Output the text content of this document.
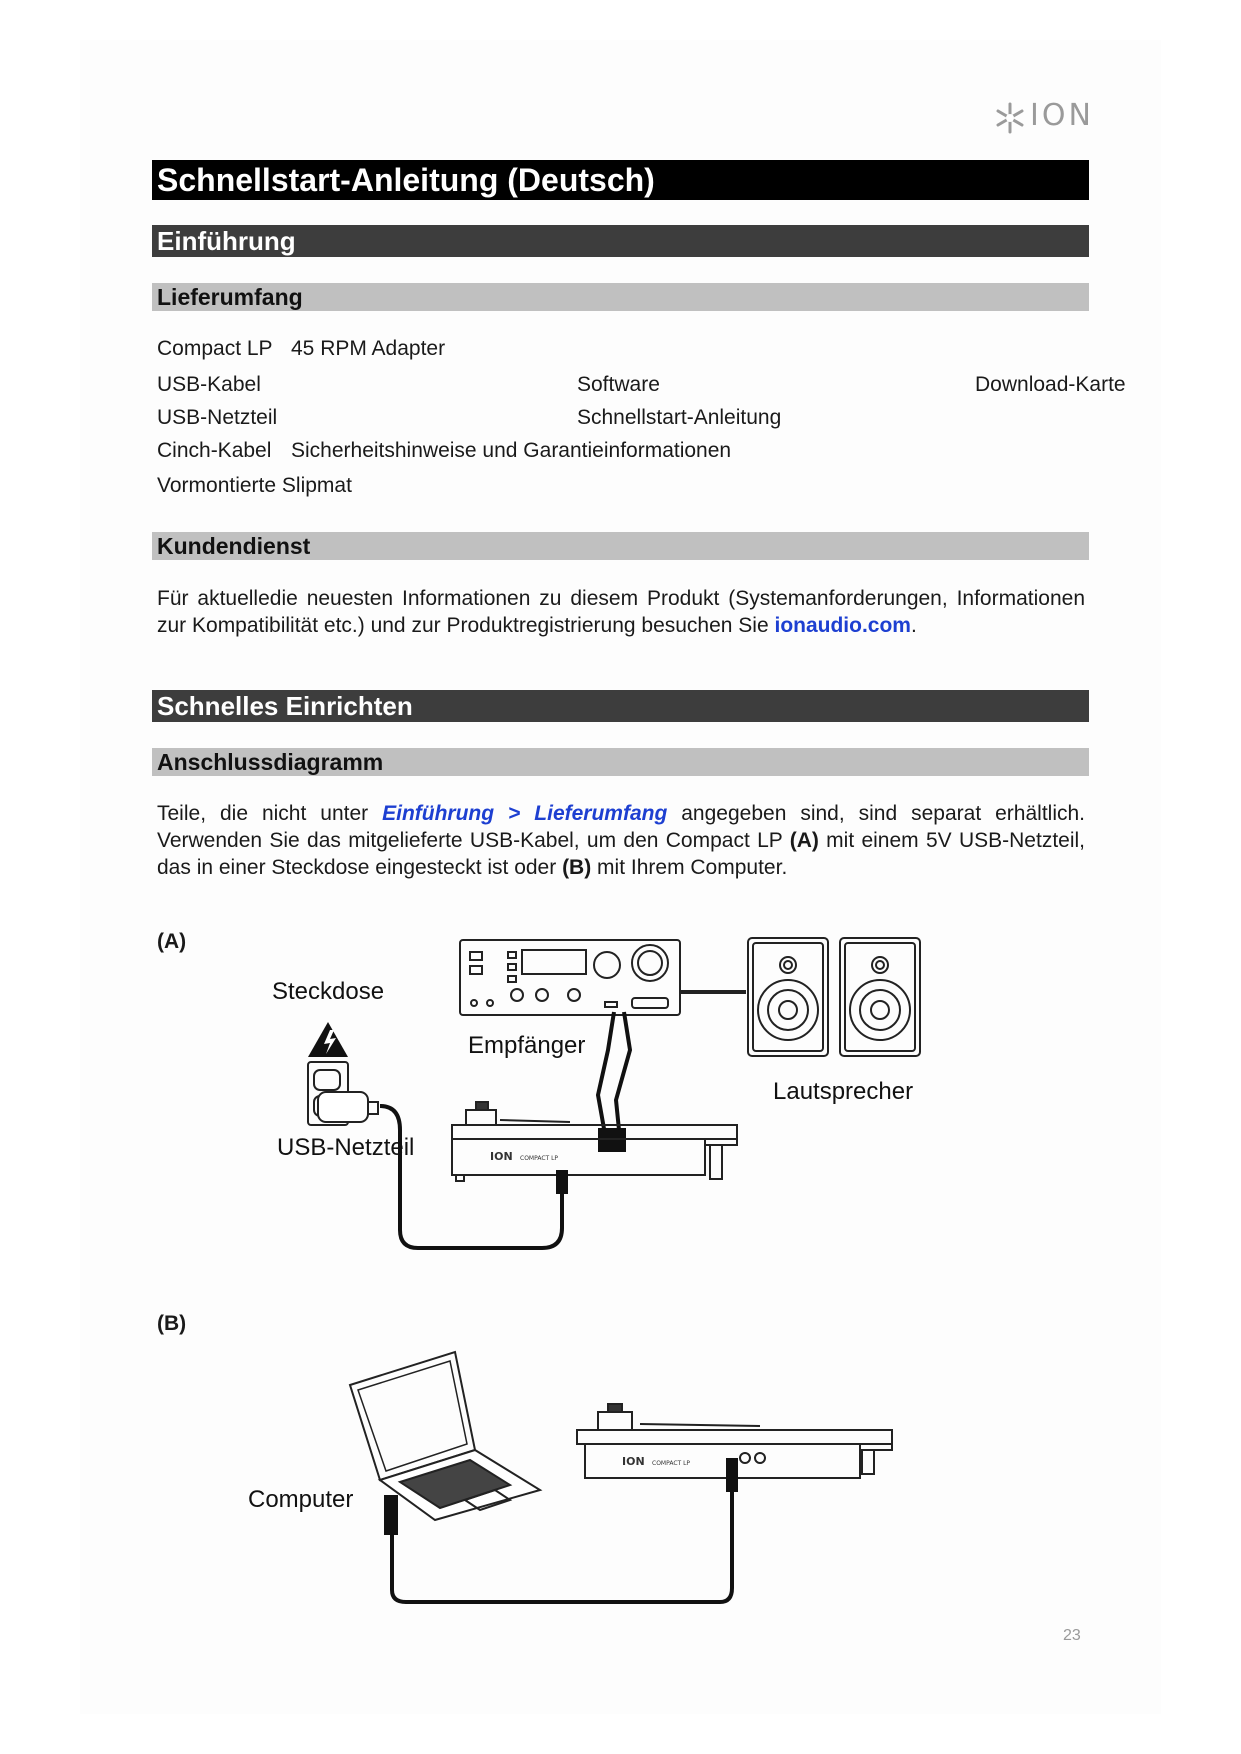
ION
Schnellstart-Anleitung (Deutsch)
Einführung
Lieferumfang
Compact LP 45 RPM Adapter
USB-Kabel	Software	Download-Karte
USB-Netzteil	Schnellstart-Anleitung
Cinch-Kabel Sicherheitshinweise und Garantieinformationen
Vormontierte Slipmat
Kundendienst
Für aktuelledie neuesten Informationen zu diesem Produkt (Systemanforderungen, Informationen zur Kompatibilität etc.) und zur Produktregistrierung besuchen Sie ionaudio.com.
Schnelles Einrichten
Anschlussdiagramm
Teile, die nicht unter Einführung > Lieferumfang angegeben sind, sind separat erhältlich. Verwenden Sie das mitgelieferte USB-Kabel, um den Compact LP (A) mit einem 5V USB-Netzteil, das in einer Steckdose eingesteckt ist oder (B) mit Ihrem Computer.
(A)
ION COMPACT LP
Steckdose
Empfänger
Lautsprecher
USB-Netzteil
(B)
ION COMPACT LP
Computer
23
